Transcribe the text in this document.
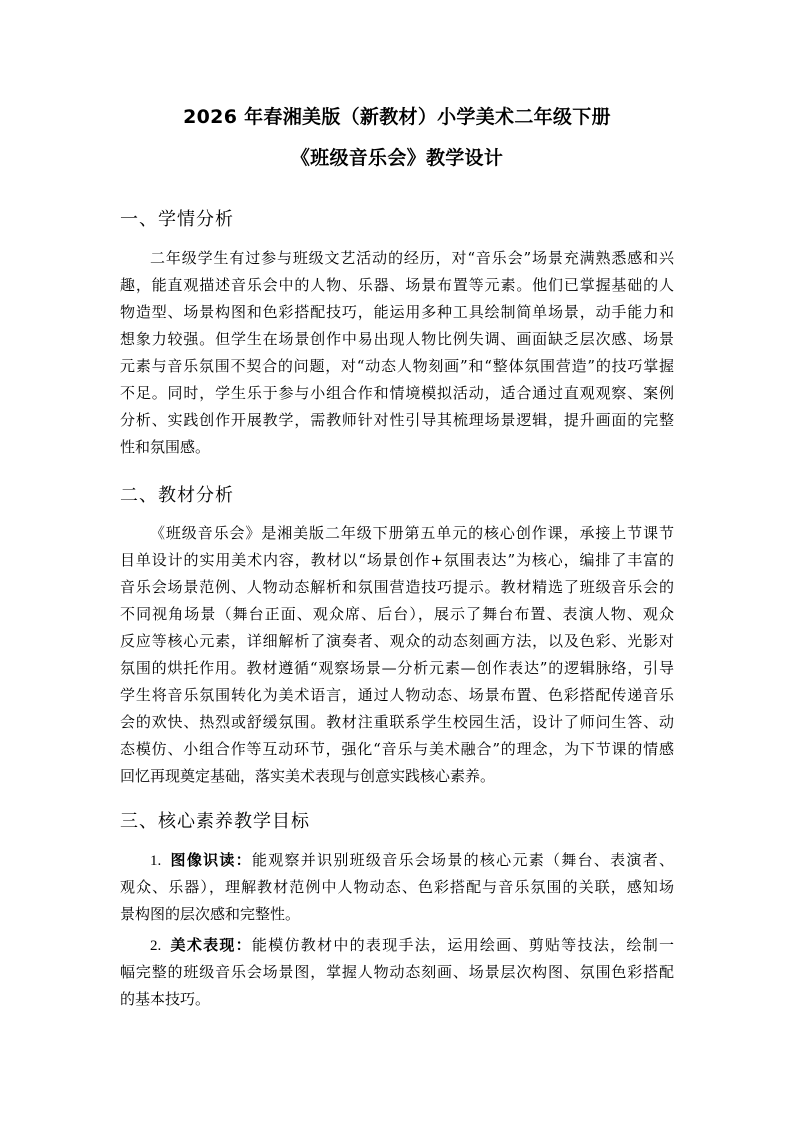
2026 年春湘美版（新教材）小学美术二年级下册
《班级音乐会》教学设计
一、学情分析
二年级学生有过参与班级文艺活动的经历，对“音乐会”场景充满熟悉感和兴
趣，能直观描述音乐会中的人物、乐器、场景布置等元素。他们已掌握基础的人
物造型、场景构图和色彩搭配技巧，能运用多种工具绘制简单场景，动手能力和
想象力较强。但学生在场景创作中易出现人物比例失调、画面缺乏层次感、场景
元素与音乐氛围不契合的问题，对“动态人物刻画”和“整体氛围营造”的技巧掌握
不足。同时，学生乐于参与小组合作和情境模拟活动，适合通过直观观察、案例
分析、实践创作开展教学，需教师针对性引导其梳理场景逻辑，提升画面的完整
性和氛围感。
二、教材分析
《班级音乐会》是湘美版二年级下册第五单元的核心创作课，承接上节课节
目单设计的实用美术内容，教材以“场景创作+氛围表达”为核心，编排了丰富的
音乐会场景范例、人物动态解析和氛围营造技巧提示。教材精选了班级音乐会的
不同视角场景（舞台正面、观众席、后台），展示了舞台布置、表演人物、观众
反应等核心元素，详细解析了演奏者、观众的动态刻画方法，以及色彩、光影对
氛围的烘托作用。教材遵循“观察场景—分析元素—创作表达”的逻辑脉络，引导
学生将音乐氛围转化为美术语言，通过人物动态、场景布置、色彩搭配传递音乐
会的欢快、热烈或舒缓氛围。教材注重联系学生校园生活，设计了师问生答、动
态模仿、小组合作等互动环节，强化“音乐与美术融合”的理念，为下节课的情感
回忆再现奠定基础，落实美术表现与创意实践核心素养。
三、核心素养教学目标
1. 图像识读：能观察并识别班级音乐会场景的核心元素（舞台、表演者、
观众、乐器），理解教材范例中人物动态、色彩搭配与音乐氛围的关联，感知场
景构图的层次感和完整性。
2. 美术表现：能模仿教材中的表现手法，运用绘画、剪贴等技法，绘制一
幅完整的班级音乐会场景图，掌握人物动态刻画、场景层次构图、氛围色彩搭配
的基本技巧。
